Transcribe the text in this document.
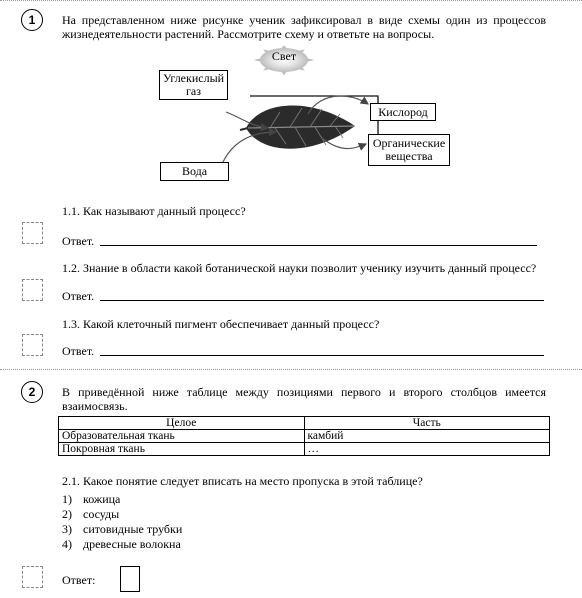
1	На представленном ниже рисунке ученик зафиксировал в виде схемы один из процессов жизнедеятельности растений. Рассмотрите схему и ответьте на вопросы.
Свет
Углекислый газ
Вода
Кислород
Органические вещества
1.1. Как называют данный процесс?
Ответ.
1.2. Знание в области какой ботанической науки позволит ученику изучить данный процесс?
Ответ.
1.3. Какой клеточный пигмент обеспечивает данный процесс?
Ответ.
2	В приведённой ниже таблице между позициями первого и второго столбцов имеется взаимосвязь.
Целое	Часть
Образовательная ткань	камбий
Покровная ткань	…
2.1. Какое понятие следует вписать на место пропуска в этой таблице?
1) кожица
2) сосуды
3) ситовидные трубки
4) древесные волокна
Ответ:
